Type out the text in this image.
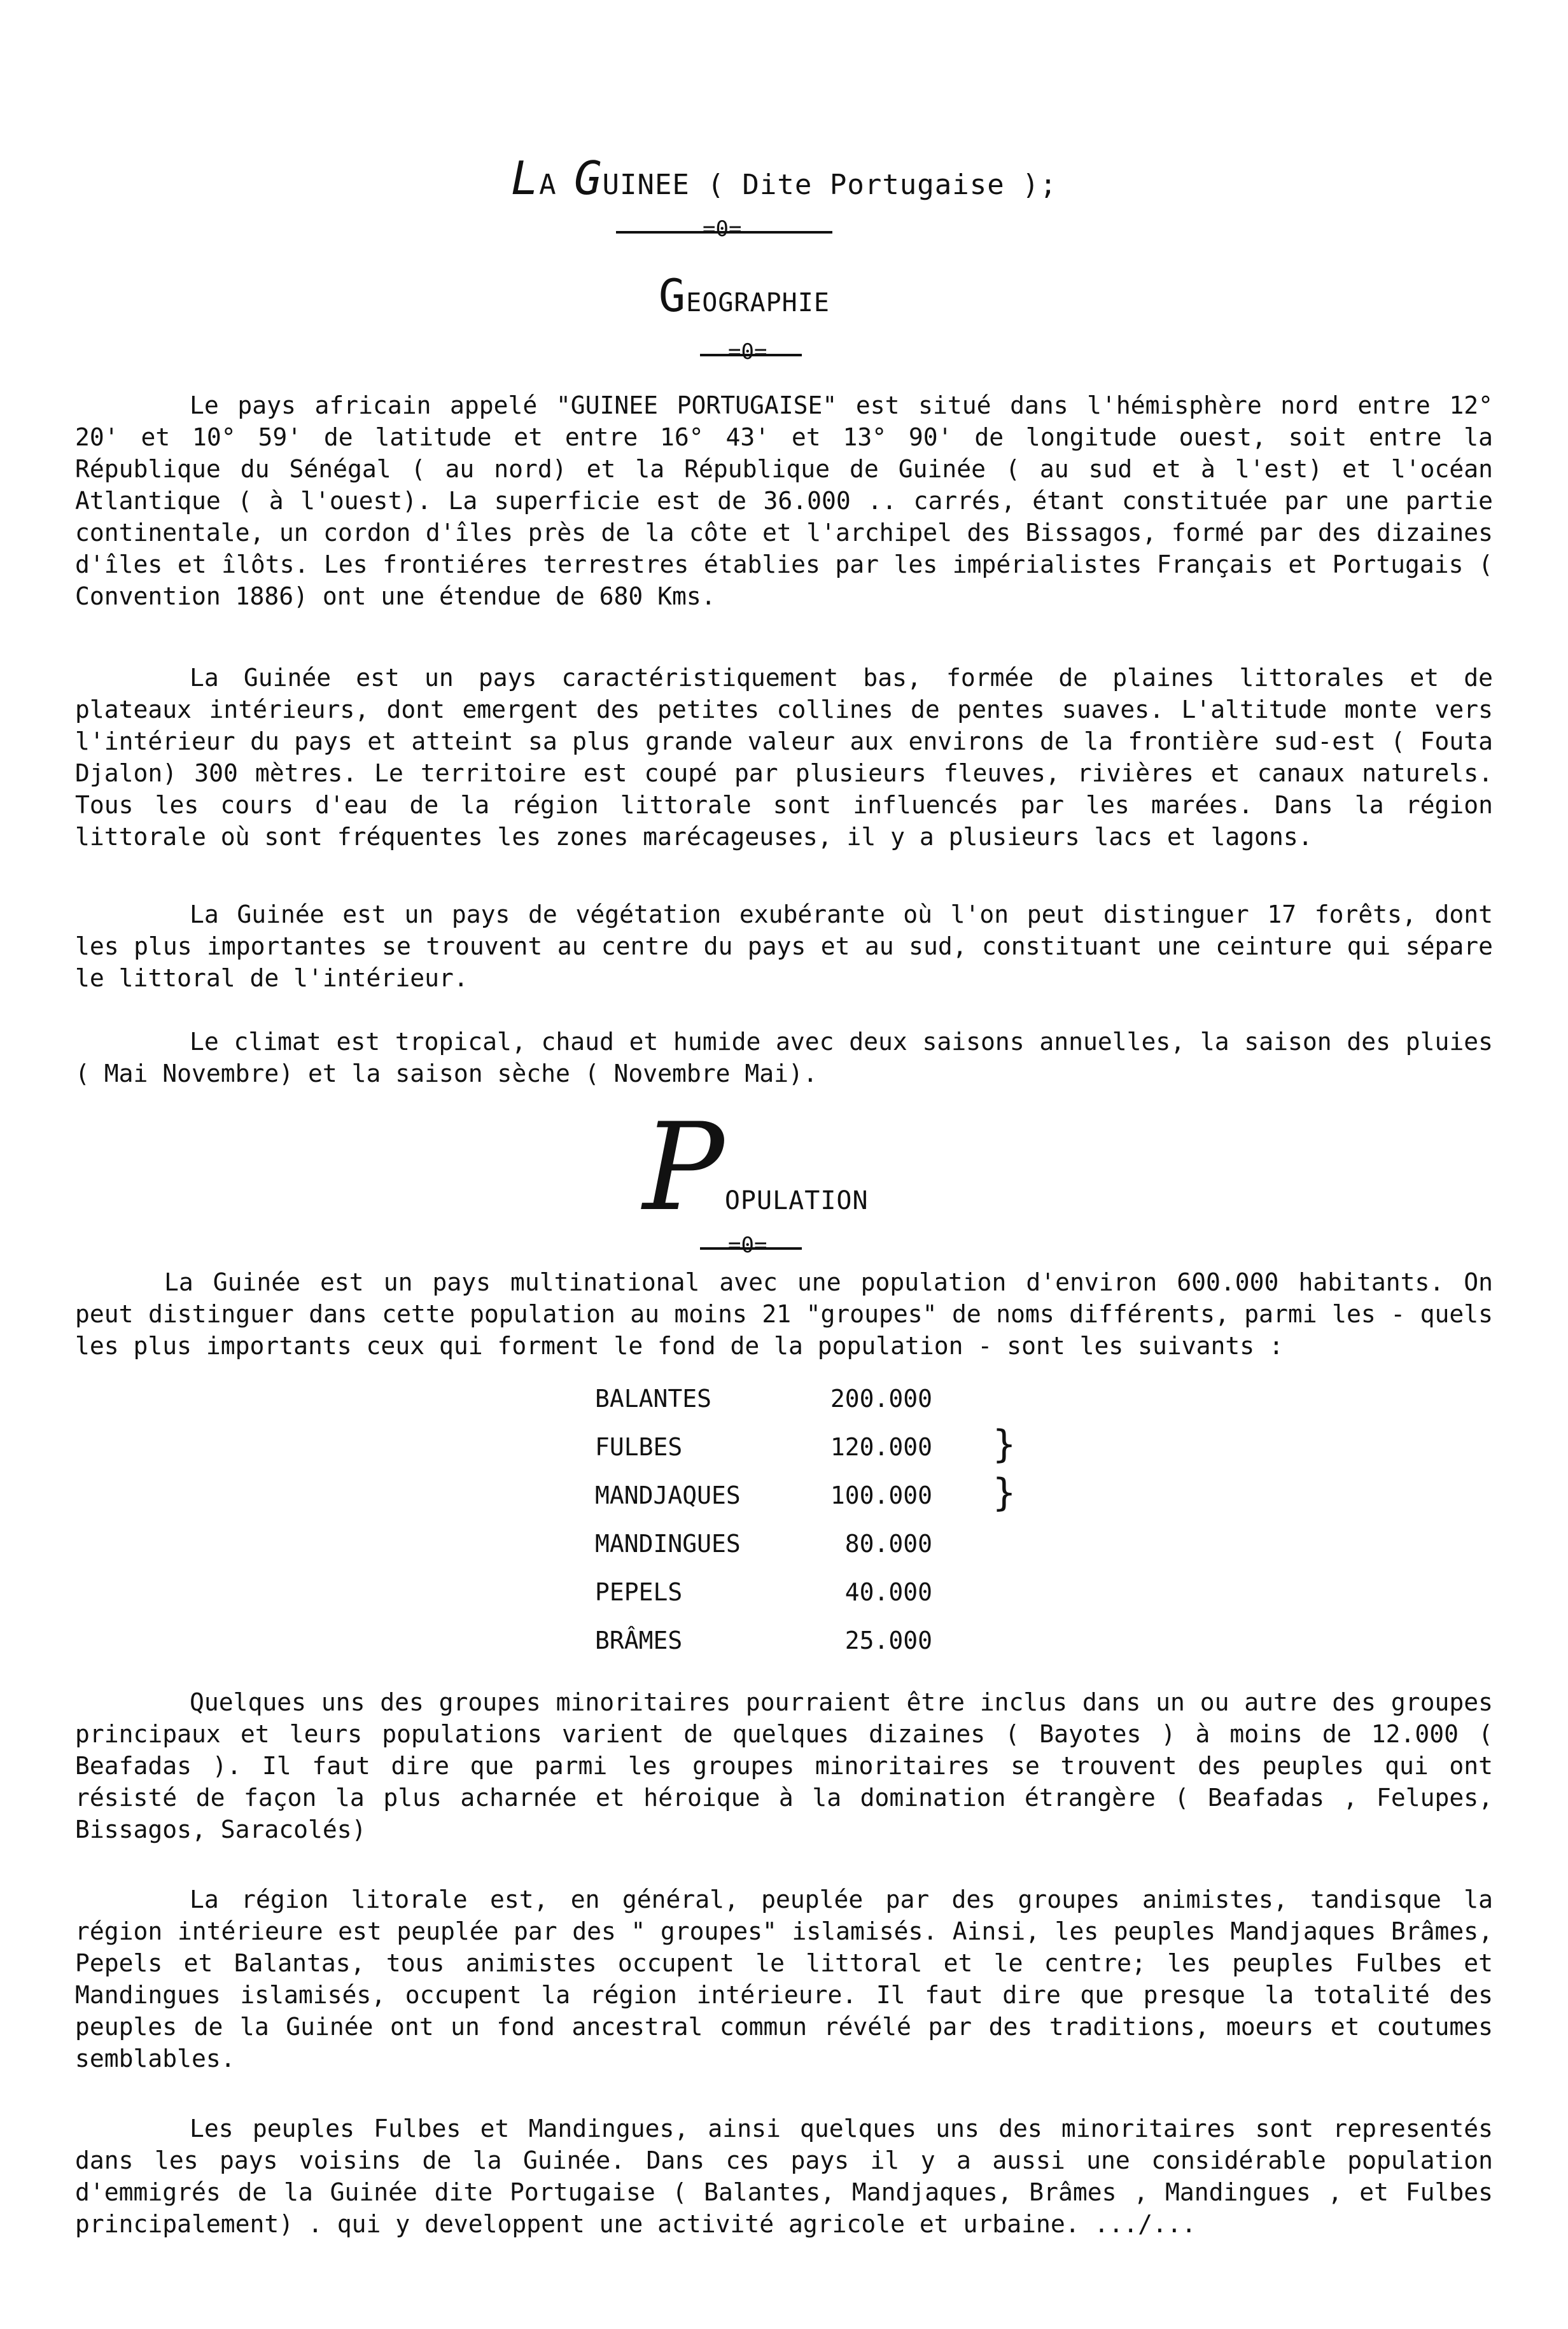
LA GUINEE ( Dite Portugaise );
=0=
GEOGRAPHIE
=0=

Le pays africain appelé "GUINEE PORTUGAISE" est situé dans l'hémisphère nord entre 12° 20' et 10° 59' de latitude et entre 16° 43' et 13° 90' de longitude ouest, soit entre la République du Sénégal ( au nord) et la République de Guinée ( au sud et à l'est) et l'océan Atlantique ( à l'ouest). La superficie est de 36.000 .. carrés, étant constituée par une partie continentale, un cordon d'îles près de la côte et l'archipel des Bissagos, formé par des dizaines d'îles et îlôts. Les frontiéres terrestres établies par les impérialistes Français et Portugais ( Convention 1886) ont une étendue de 680 Kms.

La Guinée est un pays caractéristiquement bas, formée de plaines littorales et de plateaux intérieurs, dont emergent des petites collines de pentes suaves. L'altitude monte vers l'intérieur du pays et atteint sa plus grande valeur aux environs de la frontière sud-est ( Fouta Djalon) 300 mètres. Le territoire est coupé par plusieurs fleuves, rivières et canaux naturels. Tous les cours d'eau de la région littorale sont influencés par les marées. Dans la région littorale où sont fréquentes les zones marécageuses, il y a plusieurs lacs et lagons.

La Guinée est un pays de végétation exubérante où l'on peut distinguer 17 forêts, dont les plus importantes se trouvent au centre du pays et au sud, constituant une ceinture qui sépare le littoral de l'intérieur.

Le climat est tropical, chaud et humide avec deux saisons annuelles, la saison des pluies ( Mai Novembre) et la saison sèche ( Novembre Mai).

POPULATION
=0=

La Guinée est un pays multinational avec une population d'environ 600.000 habitants. On peut distinguer dans cette population au moins 21 "groupes" de noms différents, parmi les - quels les plus importants ceux qui forment le fond de la population - sont les suivants :

BALANTES	200.000
FULBES	120.000
MANDJAQUES	100.000
MANDINGUES	80.000
PEPELS	40.000
BRÂMES	25.000
}
}

Quelques uns des groupes minoritaires pourraient être inclus dans un ou autre des groupes principaux et leurs populations varient de quelques dizaines ( Bayotes ) à moins de 12.000 ( Beafadas ). Il faut dire que parmi les groupes minoritaires se trouvent des peuples qui ont résisté de façon la plus acharnée et héroique à la domination étrangère ( Beafadas , Felupes, Bissagos, Saracolés)

La région litorale est, en général, peuplée par des groupes animistes, tandisque la région intérieure est peuplée par des " groupes" islamisés. Ainsi, les peuples Mandjaques Brâmes, Pepels et Balantas, tous animistes occupent le littoral et le centre; les peuples Fulbes et Mandingues islamisés, occupent la région intérieure. Il faut dire que presque la totalité des peuples de la Guinée ont un fond ancestral commun révélé par des traditions, moeurs et coutumes semblables.

Les peuples Fulbes et Mandingues, ainsi quelques uns des minoritaires sont representés dans les pays voisins de la Guinée. Dans ces pays il y a aussi une considérable population d'emmigrés de la Guinée dite Portugaise ( Balantes, Mandjaques, Brâmes , Mandingues , et Fulbes principalement) . qui y developpent une activité agricole et urbaine. .../...
